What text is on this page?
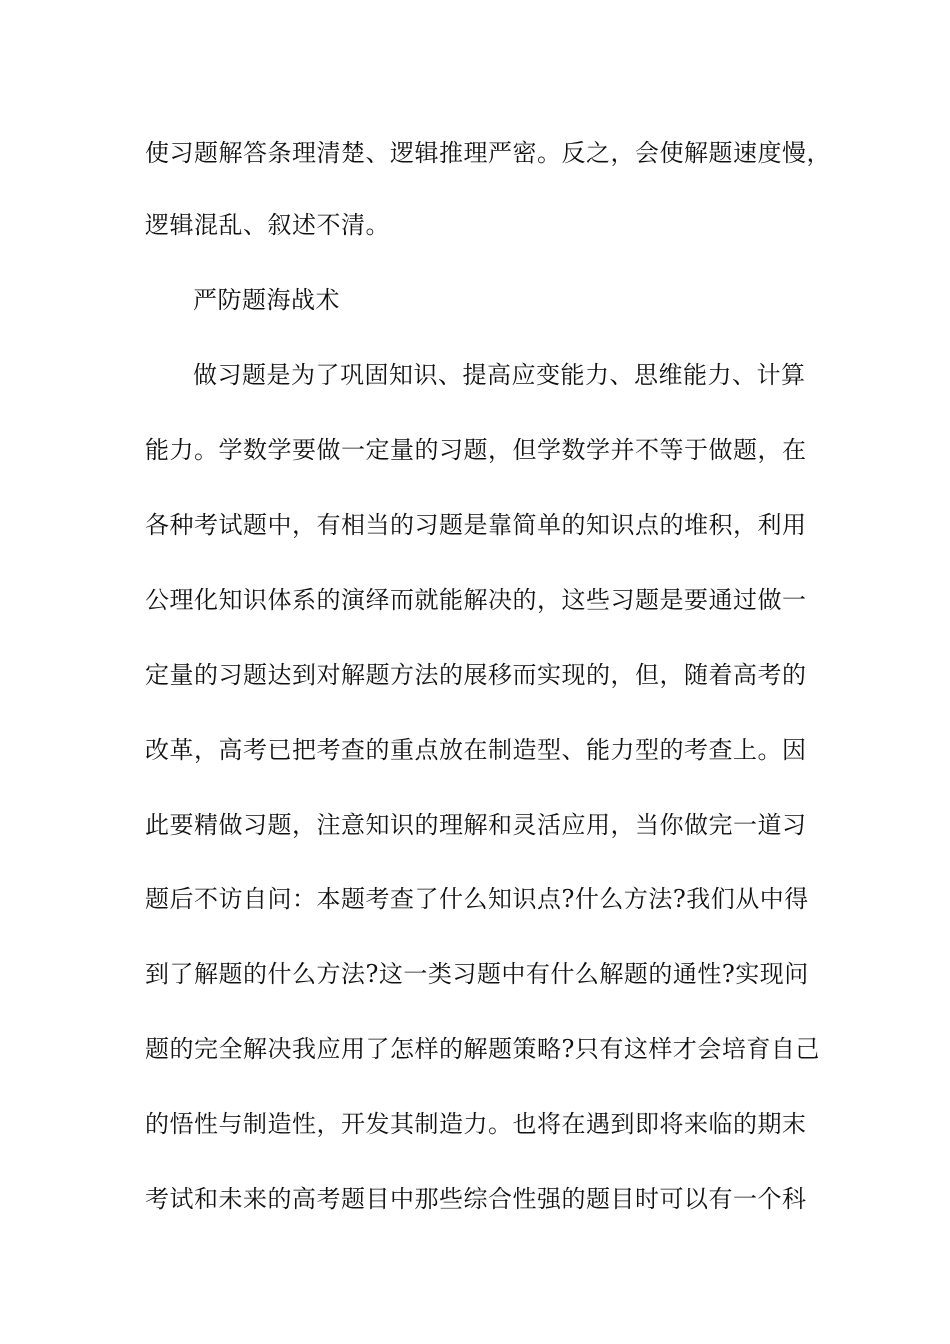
使习题解答条理清楚、逻辑推理严密。反之，会使解题速度慢，
逻辑混乱、叙述不清。
严防题海战术
做习题是为了巩固知识、提高应变能力、思维能力、计算
能力。学数学要做一定量的习题，但学数学并不等于做题，在
各种考试题中，有相当的习题是靠简单的知识点的堆积，利用
公理化知识体系的演绎而就能解决的，这些习题是要通过做一
定量的习题达到对解题方法的展移而实现的，但，随着高考的
改革，高考已把考查的重点放在制造型、能力型的考查上。因
此要精做习题，注意知识的理解和灵活应用，当你做完一道习
题后不访自问：本题考查了什么知识点?什么方法?我们从中得
到了解题的什么方法?这一类习题中有什么解题的通性?实现问
题的完全解决我应用了怎样的解题策略?只有这样才会培育自己
的悟性与制造性，开发其制造力。也将在遇到即将来临的期末
考试和未来的高考题目中那些综合性强的题目时可以有一个科
